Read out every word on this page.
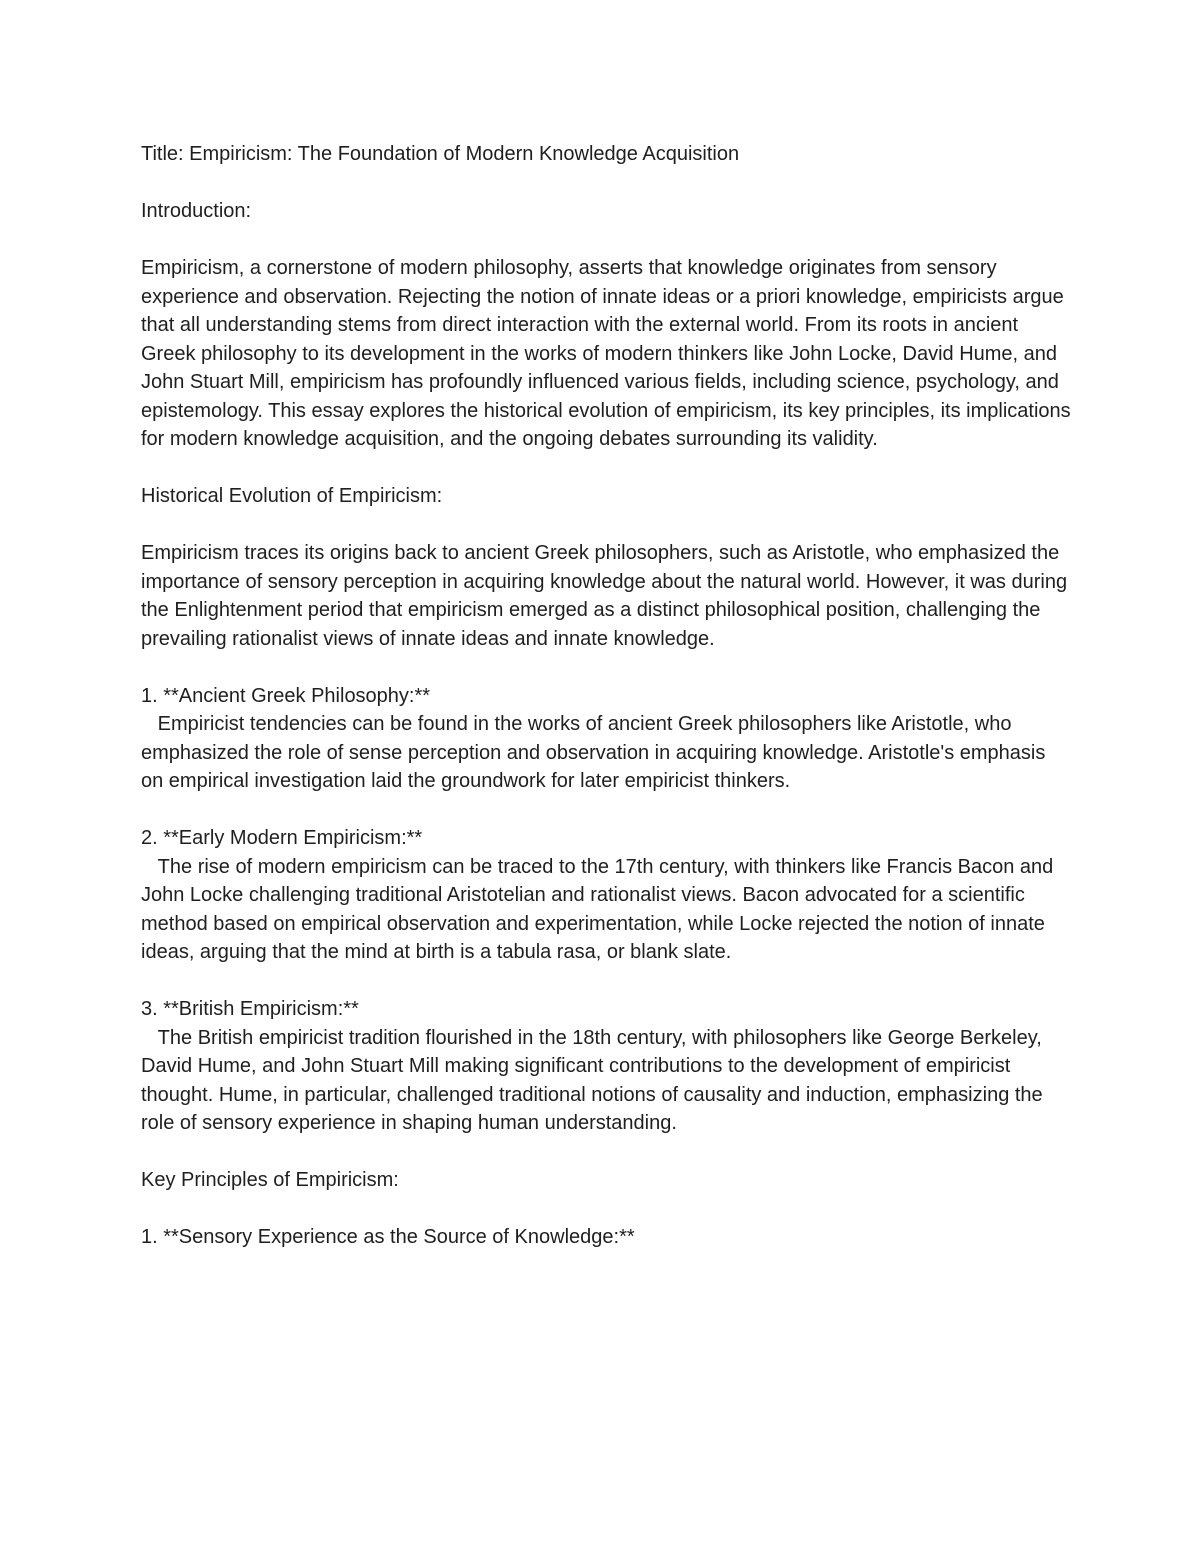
Title: Empiricism: The Foundation of Modern Knowledge Acquisition

Introduction:

Empiricism, a cornerstone of modern philosophy, asserts that knowledge originates from sensory experience and observation. Rejecting the notion of innate ideas or a priori knowledge, empiricists argue that all understanding stems from direct interaction with the external world. From its roots in ancient Greek philosophy to its development in the works of modern thinkers like John Locke, David Hume, and John Stuart Mill, empiricism has profoundly influenced various fields, including science, psychology, and epistemology. This essay explores the historical evolution of empiricism, its key principles, its implications for modern knowledge acquisition, and the ongoing debates surrounding its validity.

Historical Evolution of Empiricism:

Empiricism traces its origins back to ancient Greek philosophers, such as Aristotle, who emphasized the importance of sensory perception in acquiring knowledge about the natural world. However, it was during the Enlightenment period that empiricism emerged as a distinct philosophical position, challenging the prevailing rationalist views of innate ideas and innate knowledge.

1. **Ancient Greek Philosophy:**

Empiricist tendencies can be found in the works of ancient Greek philosophers like Aristotle, who emphasized the role of sense perception and observation in acquiring knowledge. Aristotle's emphasis on empirical investigation laid the groundwork for later empiricist thinkers.

2. **Early Modern Empiricism:**

The rise of modern empiricism can be traced to the 17th century, with thinkers like Francis Bacon and John Locke challenging traditional Aristotelian and rationalist views. Bacon advocated for a scientific method based on empirical observation and experimentation, while Locke rejected the notion of innate ideas, arguing that the mind at birth is a tabula rasa, or blank slate.

3. **British Empiricism:**

The British empiricist tradition flourished in the 18th century, with philosophers like George Berkeley, David Hume, and John Stuart Mill making significant contributions to the development of empiricist thought. Hume, in particular, challenged traditional notions of causality and induction, emphasizing the role of sensory experience in shaping human understanding.

Key Principles of Empiricism:

1. **Sensory Experience as the Source of Knowledge:**
